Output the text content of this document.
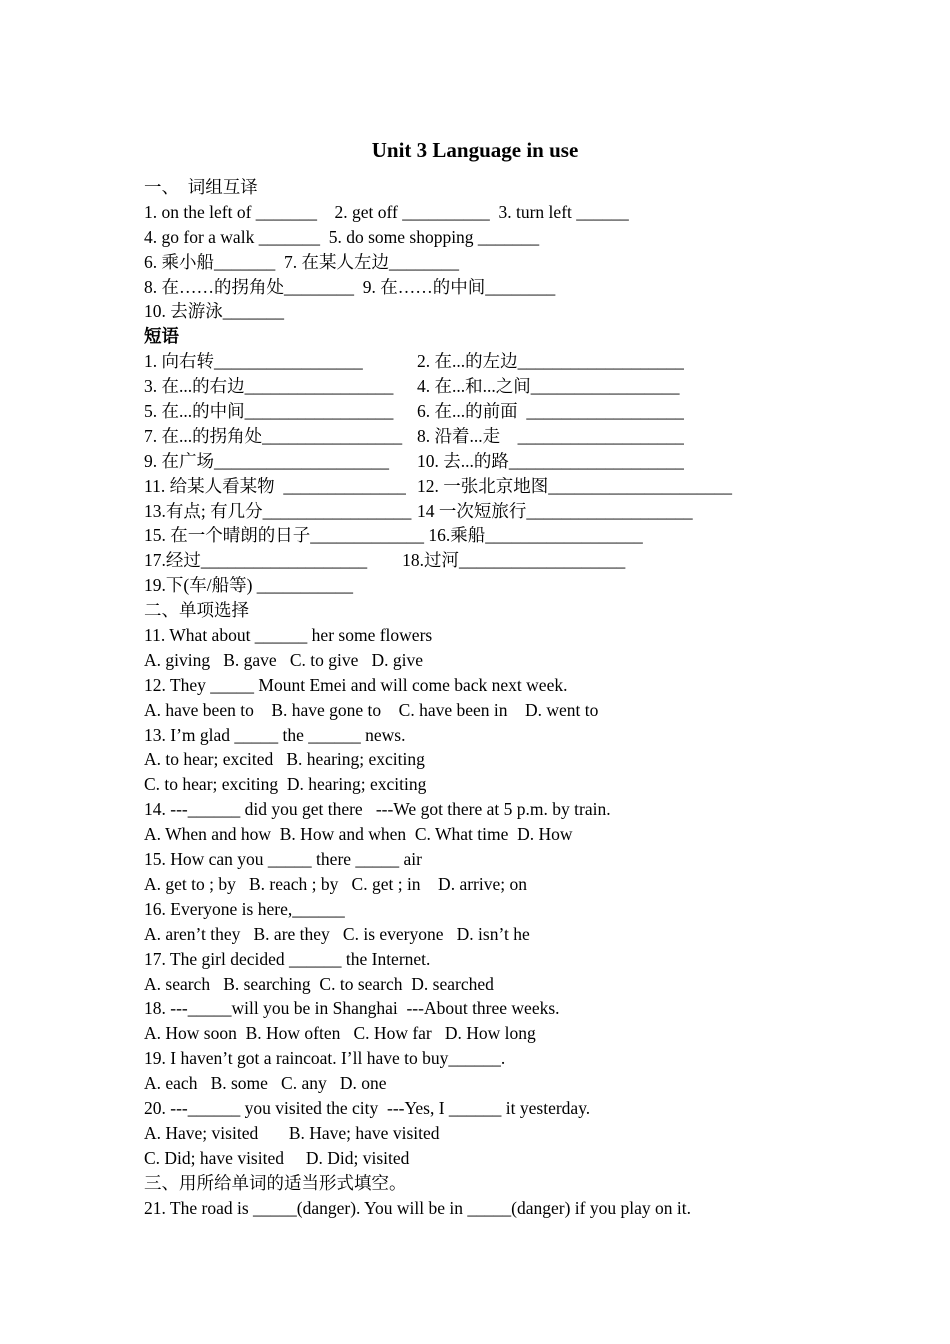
Unit 3 Language in use
一、　词组互译
1. on the left of _______    2. get off __________  3. turn left ______
4. go for a walk _______  5. do some shopping _______
6. 乘小船_______  7. 在某人左边________
8. 在……的拐角处________  9. 在……的中间________
10. 去游泳_______
短语
1. 向右转_________________	2. 在...的左边___________________
3. 在...的右边_________________	4. 在...和...之间_________________
5. 在...的中间_________________	6. 在...的前面  __________________
7. 在...的拐角处________________ 8. 沿着...走    ___________________
9. 在广场____________________	10. 去...的路____________________
11. 给某人看某物  ______________ 12. 一张北京地图_____________________
13.有点; 有几分_________________ 14 一次短旅行___________________
15. 在一个晴朗的日子_____________ 16.乘船__________________
17.经过___________________        18.过河___________________
19.下(车/船等) ___________
二、单项选择
11. What about ______ her some flowers
A. giving   B. gave   C. to give   D. give
12. They _____ Mount Emei and will come back next week.
A. have been to    B. have gone to    C. have been in    D. went to
13. I’m glad _____ the ______ news.
A. to hear; excited   B. hearing; exciting
C. to hear; exciting  D. hearing; exciting
14. ---______ did you get there   ---We got there at 5 p.m. by train.
A. When and how  B. How and when  C. What time  D. How
15. How can you _____ there _____ air
A. get to ; by   B. reach ; by   C. get ; in    D. arrive; on
16. Everyone is here,______
A. aren’t they   B. are they   C. is everyone   D. isn’t he
17. The girl decided ______ the Internet.
A. search   B. searching  C. to search  D. searched
18. ---_____will you be in Shanghai  ---About three weeks.
A. How soon  B. How often   C. How far   D. How long
19. I haven’t got a raincoat. I’ll have to buy______.
A. each   B. some   C. any   D. one
20. ---______ you visited the city  ---Yes, I ______ it yesterday.
A. Have; visited       B. Have; have visited
C. Did; have visited     D. Did; visited
三、用所给单词的适当形式填空。
21. The road is _____(danger). You will be in _____(danger) if you play on it.
